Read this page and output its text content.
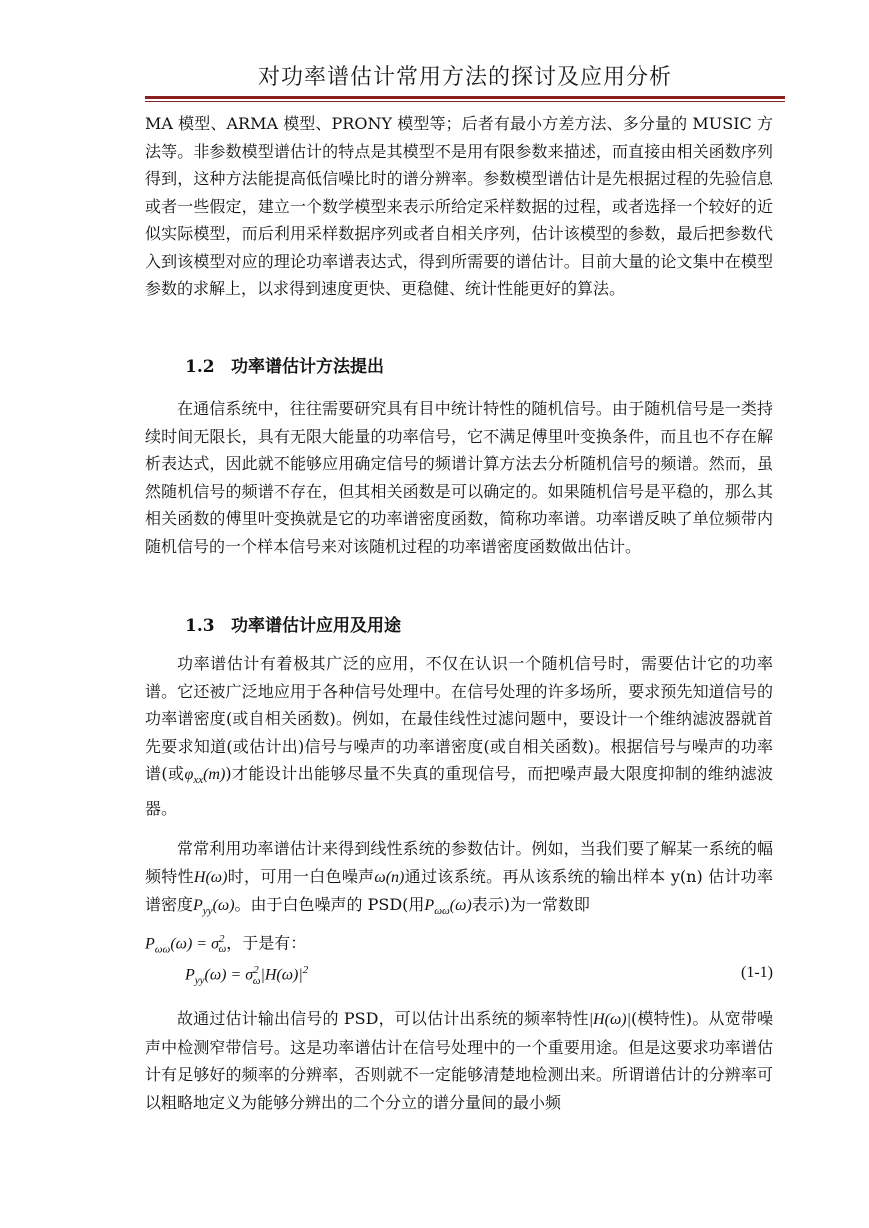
对功率谱估计常用方法的探讨及应用分析

MA 模型、ARMA 模型、PRONY 模型等；后者有最小方差方法、多分量的 MUSIC 方法等。非参数模型谱估计的特点是其模型不是用有限参数来描述，而直接由相关函数序列得到，这种方法能提高低信噪比时的谱分辨率。参数模型谱估计是先根据过程的先验信息或者一些假定，建立一个数学模型来表示所给定采样数据的过程，或者选择一个较好的近似实际模型，而后利用采样数据序列或者自相关序列，估计该模型的参数，最后把参数代入到该模型对应的理论功率谱表达式，得到所需要的谱估计。目前大量的论文集中在模型参数的求解上，以求得到速度更快、更稳健、统计性能更好的算法。

1.2 功率谱估计方法提出

在通信系统中，往往需要研究具有目中统计特性的随机信号。由于随机信号是一类持续时间无限长，具有无限大能量的功率信号，它不满足傅里叶变换条件，而且也不存在解析表达式，因此就不能够应用确定信号的频谱计算方法去分析随机信号的频谱。然而，虽然随机信号的频谱不存在，但其相关函数是可以确定的。如果随机信号是平稳的，那么其相关函数的傅里叶变换就是它的功率谱密度函数，简称功率谱。功率谱反映了单位频带内随机信号的一个样本信号来对该随机过程的功率谱密度函数做出估计。

1.3 功率谱估计应用及用途

功率谱估计有着极其广泛的应用，不仅在认识一个随机信号时，需要估计它的功率谱。它还被广泛地应用于各种信号处理中。在信号处理的许多场所，要求预先知道信号的功率谱密度(或自相关函数)。例如，在最佳线性过滤问题中，要设计一个维纳滤波器就首先要求知道(或估计出)信号与噪声的功率谱密度(或自相关函数)。根据信号与噪声的功率谱(或$\varphi_{xx}(m)$)才能设计出能够尽量不失真的重现信号，而把噪声最大限度抑制的维纳滤波器。

常常利用功率谱估计来得到线性系统的参数估计。例如，当我们要了解某一系统的幅频特性H(ω)时，可用一白色噪声ω(n)通过该系统。再从该系统的输出样本 y(n) 估计功率谱密度$P_{yy}(\omega)$。由于白色噪声的 PSD(用$P_{\omega\omega}(\omega)$表示)为一常数即
$P_{\omega\omega}(\omega) = \sigma^2_\omega$，于是有：

$P_{yy}(\omega) = \sigma^2_\omega|H(\omega)|^2$	(1-1)

故通过估计输出信号的 PSD，可以估计出系统的频率特性|H(ω)|(模特性)。从宽带噪声中检测窄带信号。这是功率谱估计在信号处理中的一个重要用途。但是这要求功率谱估计有足够好的频率的分辨率，否则就不一定能够清楚地检测出来。所谓谱估计的分辨率可以粗略地定义为能够分辨出的二个分立的谱分量间的最小频
